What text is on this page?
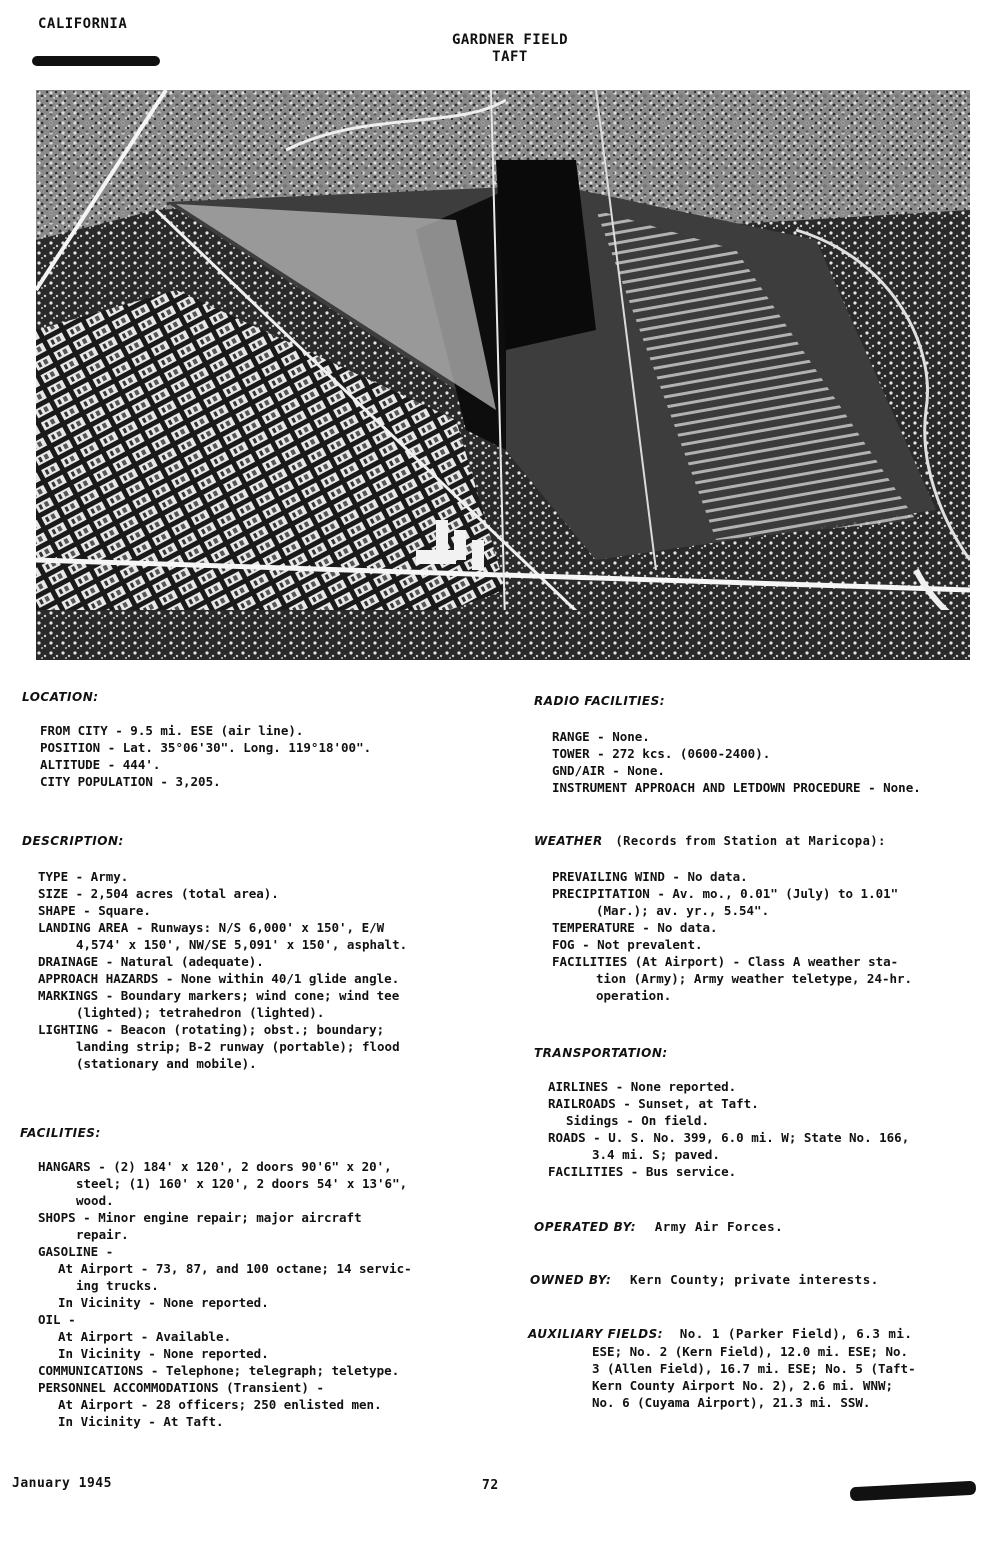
CALIFORNIA
GARDNER FIELD
TAFT
LOCATION:
FROM CITY - 9.5 mi. ESE (air line).
POSITION - Lat. 35°06'30". Long. 119°18'00".
ALTITUDE - 444'.
CITY POPULATION - 3,205.
DESCRIPTION:
TYPE - Army.
SIZE - 2,504 acres (total area).
SHAPE - Square.
LANDING AREA - Runways: N/S 6,000' x 150', E/W
4,574' x 150', NW/SE 5,091' x 150', asphalt.
DRAINAGE - Natural (adequate).
APPROACH HAZARDS - None within 40/1 glide angle.
MARKINGS - Boundary markers; wind cone; wind tee
(lighted); tetrahedron (lighted).
LIGHTING - Beacon (rotating); obst.; boundary;
landing strip; B-2 runway (portable); flood
(stationary and mobile).
FACILITIES:
HANGARS - (2) 184' x 120', 2 doors 90'6" x 20',
steel; (1) 160' x 120', 2 doors 54' x 13'6",
wood.
SHOPS - Minor engine repair; major aircraft
repair.
GASOLINE -
At Airport - 73, 87, and 100 octane; 14 servic-
ing trucks.
In Vicinity - None reported.
OIL -
At Airport - Available.
In Vicinity - None reported.
COMMUNICATIONS - Telephone; telegraph; teletype.
PERSONNEL ACCOMMODATIONS (Transient) -
At Airport - 28 officers; 250 enlisted men.
In Vicinity - At Taft.
RADIO FACILITIES:
RANGE - None.
TOWER - 272 kcs. (0600-2400).
GND/AIR - None.
INSTRUMENT APPROACH AND LETDOWN PROCEDURE - None.
WEATHER (Records from Station at Maricopa):
PREVAILING WIND - No data.
PRECIPITATION - Av. mo., 0.01" (July) to 1.01"
(Mar.); av. yr., 5.54".
TEMPERATURE - No data.
FOG - Not prevalent.
FACILITIES (At Airport) - Class A weather sta-
tion (Army); Army weather teletype, 24-hr.
operation.
TRANSPORTATION:
AIRLINES - None reported.
RAILROADS - Sunset, at Taft.
Sidings - On field.
ROADS - U. S. No. 399, 6.0 mi. W; State No. 166,
3.4 mi. S; paved.
FACILITIES - Bus service.
OPERATED BY: Army Air Forces.
OWNED BY: Kern County; private interests.
AUXILIARY FIELDS: No. 1 (Parker Field), 6.3 mi.
ESE; No. 2 (Kern Field), 12.0 mi. ESE; No.
3 (Allen Field), 16.7 mi. ESE; No. 5 (Taft-
Kern County Airport No. 2), 2.6 mi. WNW;
No. 6 (Cuyama Airport), 21.3 mi. SSW.
January 1945	72
